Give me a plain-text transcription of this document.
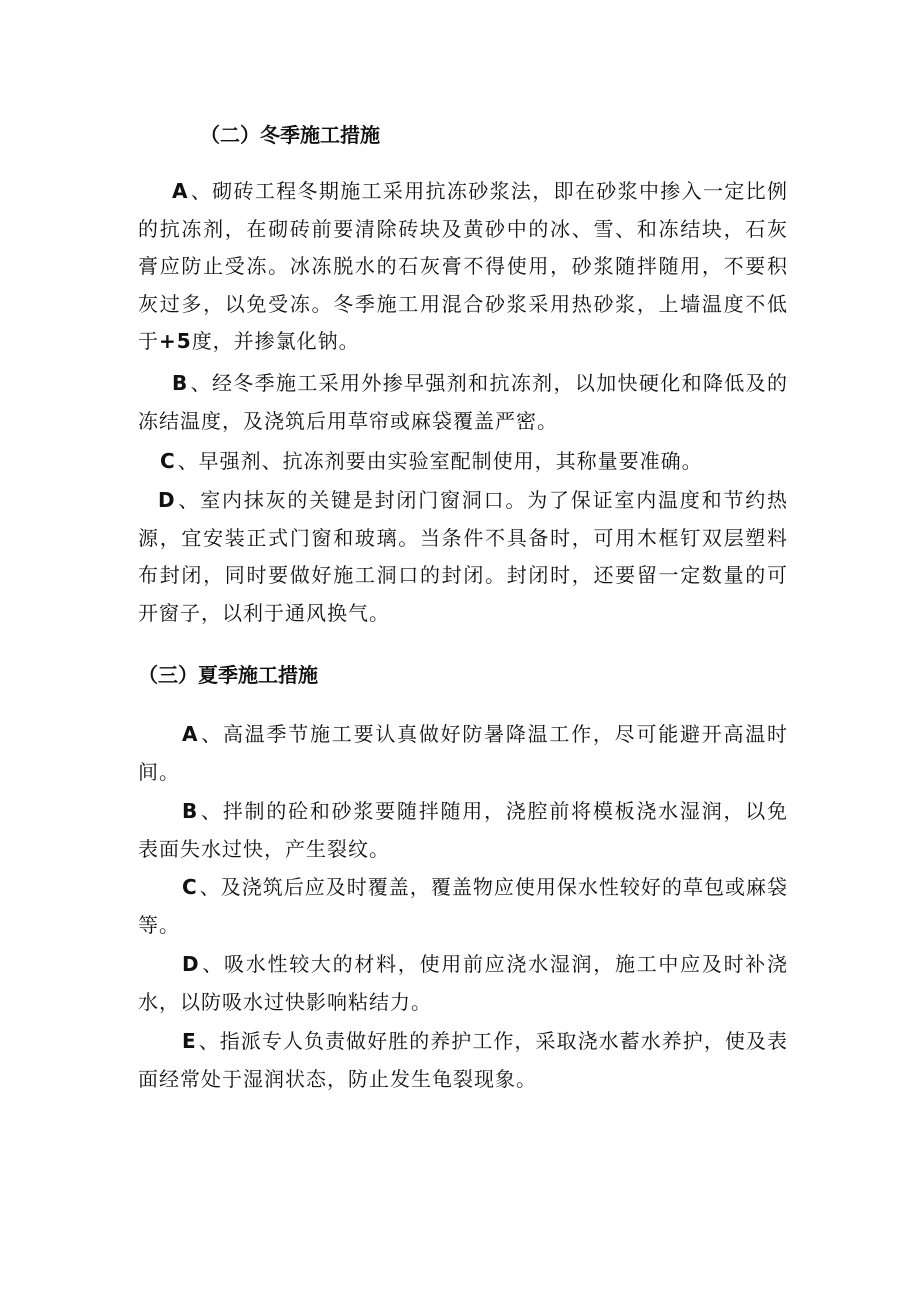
（二）冬季施工措施

A 、砌砖工程冬期施工采用抗冻砂浆法，即在砂浆中掺入一定比例的抗冻剂，在砌砖前要清除砖块及黄砂中的冰、雪、和冻结块，石灰膏应防止受冻。冰冻脱水的石灰膏不得使用，砂浆随拌随用，不要积灰过多，以免受冻。冬季施工用混合砂浆采用热砂浆，上墙温度不低于+5度，并掺氯化钠。

B 、经冬季施工采用外掺早强剂和抗冻剂，以加快硬化和降低及的冻结温度，及浇筑后用草帘或麻袋覆盖严密。

C 、早强剂、抗冻剂要由实验室配制使用，其称量要准确。

D 、室内抹灰的关键是封闭门窗洞口。为了保证室内温度和节约热源，宜安装正式门窗和玻璃。当条件不具备时，可用木框钉双层塑料布封闭，同时要做好施工洞口的封闭。封闭时，还要留一定数量的可开窗子，以利于通风换气。

（三）夏季施工措施

A 、高温季节施工要认真做好防暑降温工作，尽可能避开高温时间。

B 、拌制的砼和砂浆要随拌随用，浇腔前将模板浇水湿润，以免表面失水过快，产生裂纹。

C 、及浇筑后应及时覆盖，覆盖物应使用保水性较好的草包或麻袋等。

D 、吸水性较大的材料，使用前应浇水湿润，施工中应及时补浇水，以防吸水过快影响粘结力。

E 、指派专人负责做好胜的养护工作，采取浇水蓄水养护，使及表面经常处于湿润状态，防止发生龟裂现象。
